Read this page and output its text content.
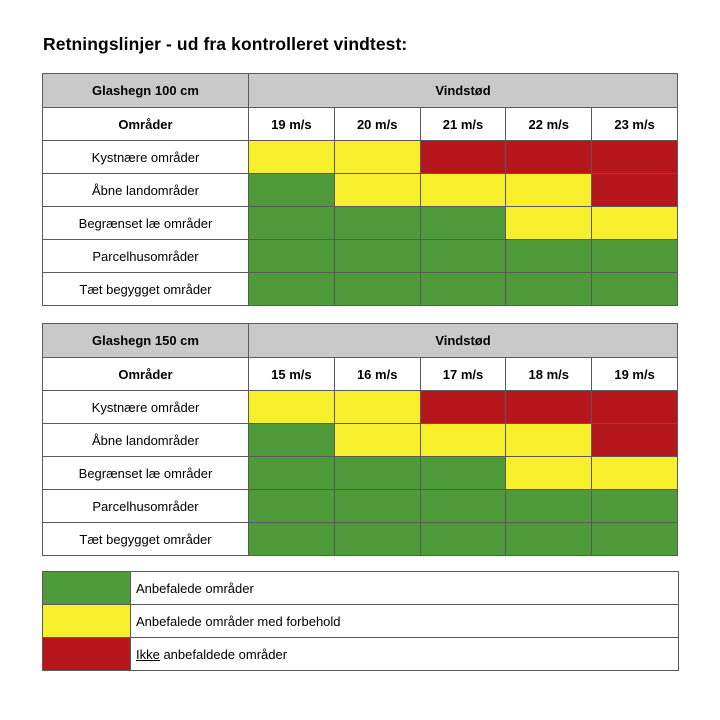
Retningslinjer - ud fra kontrolleret vindtest:
Glashegn 100 cm	Vindstød				
Områder	19 m/s	20 m/s	21 m/s	22 m/s	23 m/s
Kystnære områder					
Åbne landområder					
Begrænset læ områder					
Parcelhusområder					
Tæt begygget områder					
Glashegn 150 cm	Vindstød				
Områder	15 m/s	16 m/s	17 m/s	18 m/s	19 m/s
Kystnære områder					
Åbne landområder					
Begrænset læ områder					
Parcelhusområder					
Tæt begygget områder					
	Anbefalede områder
	Anbefalede områder med forbehold
	Ikke anbefaldede områder
